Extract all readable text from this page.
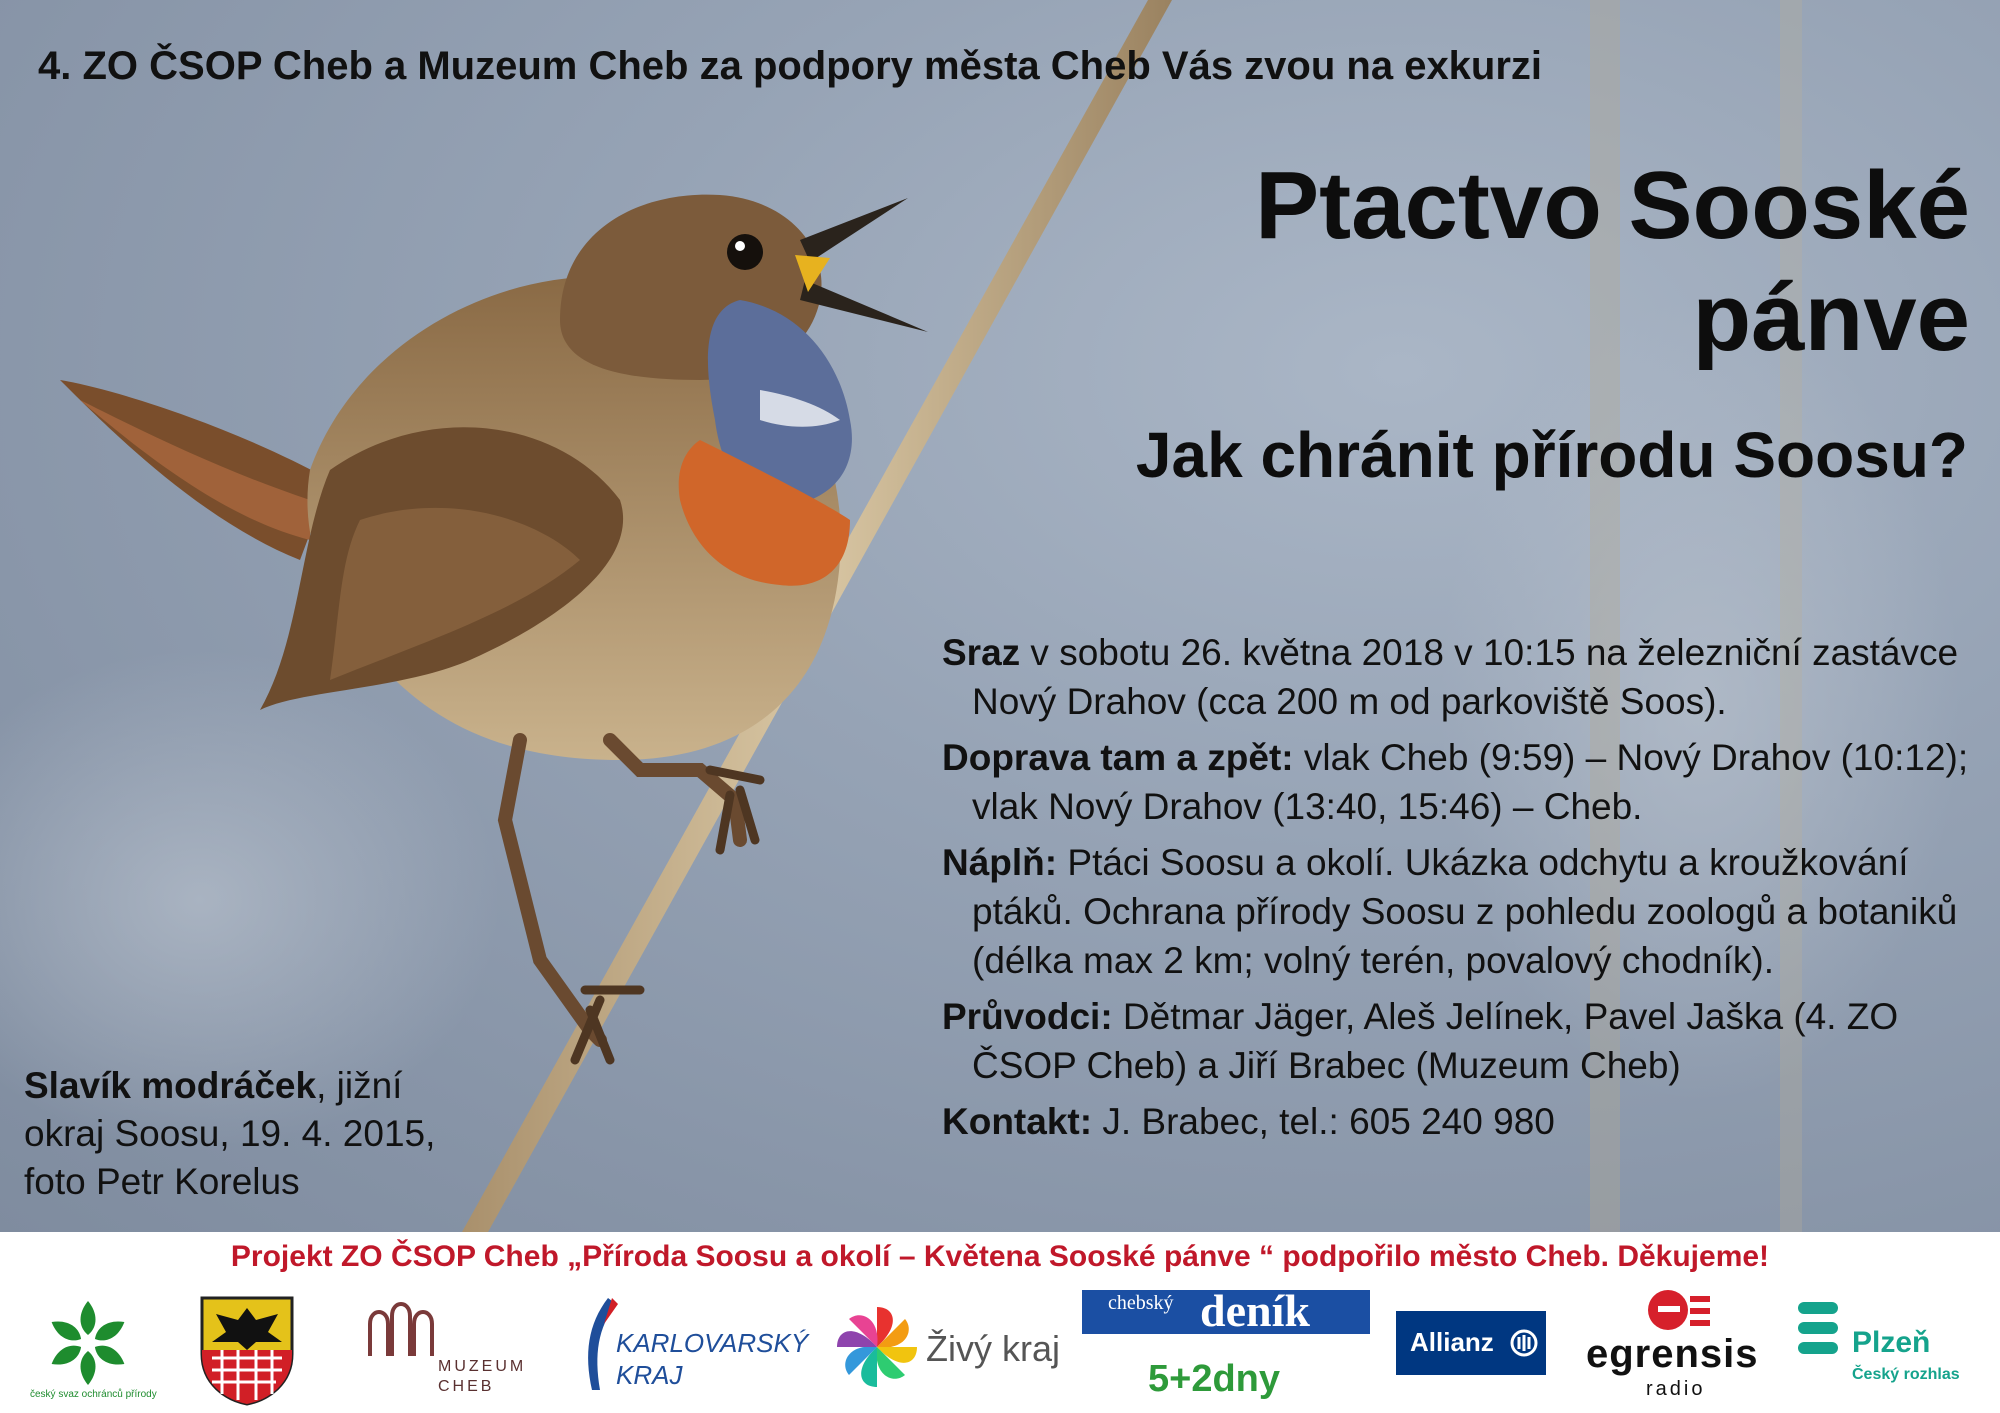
4. ZO ČSOP Cheb a Muzeum Cheb za podpory města Cheb Vás zvou na exkurzi
Ptactvo Sooské
pánve
Jak chránit přírodu Soosu?

Sraz v sobotu 26. května 2018 v 10:15 na železniční zastávce Nový Drahov (cca 200 m od parkoviště Soos).

Doprava tam a zpět: vlak Cheb (9:59) – Nový Drahov (10:12); vlak Nový Drahov (13:40, 15:46) – Cheb.

Náplň: Ptáci Soosu a okolí. Ukázka odchytu a kroužkování ptáků. Ochrana přírody Soosu z pohledu zoologů a botaniků (délka max 2 km; volný terén, povalový chodník).

Průvodci: Dětmar Jäger, Aleš Jelínek, Pavel Jaška (4. ZO ČSOP Cheb) a Jiří Brabec (Muzeum Cheb)

Kontakt: J. Brabec, tel.: 605 240 980

Slavík modráček, jižní
okraj Soosu, 19. 4. 2015,
foto Petr Korelus
Projekt ZO ČSOP Cheb „Příroda Soosu a okolí – Květena Sooské pánve “ podpořilo město Cheb. Děkujeme!
český svaz ochránců přírody
MUZEUM
CHEB
KARLOVARSKÝ
KRAJ
Živý kraj
chebský deník
5+2dny
Allianz egrensis
radio
Plzeň
Český rozhlas
